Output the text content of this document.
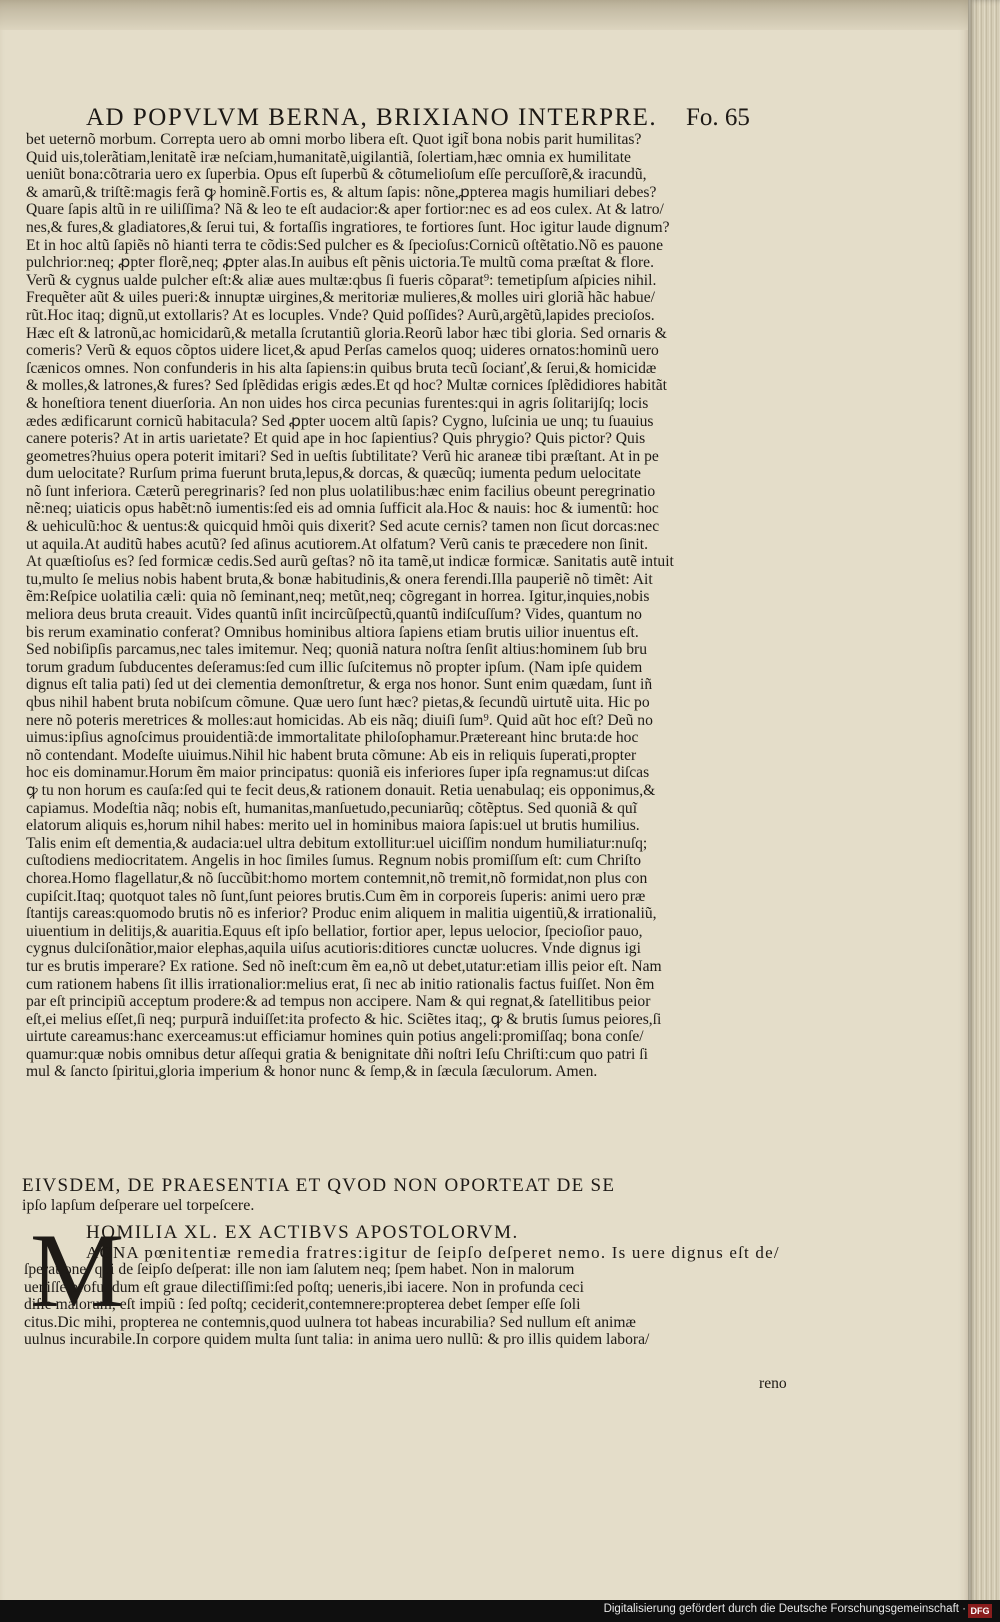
AD POPVLVM BERNA, BRIXIANO INTERPRE.	Fo. 65
bet ueternõ morbum. Correpta uero ab omni morbo libera eſt. Quot igit̃ bona nobis parit humilitas?
Quid uis,tolerãtiam,lenitatẽ iræ neſciam,humanitatẽ,uigilantiã, ſolertiam,hæc omnia ex humilitate
ueniũt bona:cõtraria uero ex ſuperbia. Opus eſt ſuperbũ & cõtumelioſum eſſe percuſſorẽ,& iracundũ,
& amarũ,& triſtẽ:magis ferã ꝙ hominẽ.Fortis es, & altum ſapis: nõne,ꝓpterea magis humiliari debes?
Quare ſapis altũ in re uiliſſima? Nã & leo te eſt audacior:& aper fortior:nec es ad eos culex. At & latro/
nes,& fures,& gladiatores,& ſerui tui, & fortaſſis ingratiores, te fortiores ſunt. Hoc igitur laude dignum?
Et in hoc altũ ſapiẽs nõ hianti terra te cõdis:Sed pulcher es & ſpecioſus:Cornicũ oſtẽtatio.Nõ es pauone
pulchrior:neq; ꝓpter florẽ,neq; ꝓpter alas.In auibus eſt pẽnis uictoria.Te multũ coma præſtat & flore.
Verũ & cygnus ualde pulcher eſt:& aliæ aues multæ:qbus ſi fueris cõparat⁹: temetipſum aſpicies nihil.
Frequẽter aũt & uiles pueri:& innuptæ uirgines,& meritoriæ mulieres,& molles uiri gloriã hãc habue/
rũt.Hoc itaq; dignũ,ut extollaris? At es locuples. Vnde? Quid poſſides? Aurũ,argẽtũ,lapides precioſos.
Hæc eſt & latronũ,ac homicidarũ,& metalla ſcrutantiũ gloria.Reorũ labor hæc tibi gloria. Sed ornaris &
comeris? Verũ & equos cõptos uidere licet,& apud Perſas camelos quoq; uideres ornatos:hominũ uero
ſcænicos omnes. Non confunderis in his alta ſapiens:in quibus bruta tecũ ſocianť,& ſerui,& homicidæ
& molles,& latrones,& fures? Sed ſplẽdidas erigis ædes.Et qd hoc? Multæ cornices ſplẽdidiores habitãt
& honeſtiora tenent diuerſoria. An non uides hos circa pecunias furentes:qui in agris ſolitarijſq; locis
ædes ædificarunt cornicũ habitacula? Sed ꝓpter uocem altũ ſapis? Cygno, luſcinia ue unq; tu ſuauius
canere poteris? At in artis uarietate? Et quid ape in hoc ſapientius? Quis phrygio? Quis pictor? Quis
geometres?huius opera poterit imitari? Sed in ueſtis ſubtilitate? Verũ hic araneæ tibi præſtant. At in pe
dum uelocitate? Rurſum prima fuerunt bruta,lepus,& dorcas, & quæcũq; iumenta pedum uelocitate
nõ ſunt inferiora. Cæterũ peregrinaris? ſed non plus uolatilibus:hæc enim facilius obeunt peregrinatio
nẽ:neq; uiaticis opus habẽt:nõ iumentis:ſed eis ad omnia ſufficit ala.Hoc & nauis: hoc & iumentũ: hoc
& uehiculũ:hoc & uentus:& quicquid hmõi quis dixerit? Sed acute cernis? tamen non ſicut dorcas:nec
ut aquila.At auditũ habes acutũ? ſed aſinus acutiorem.At olfatum? Verũ canis te præcedere non ſinit.
At quæſtioſus es? ſed formicæ cedis.Sed aurũ geſtas? nõ ita tamẽ,ut indicæ formicæ. Sanitatis autẽ intuit
tu,multo ſe melius nobis habent bruta,& bonæ habitudinis,& onera ferendi.Illa pauperiẽ nõ timẽt: Ait
ẽm:Reſpice uolatilia cæli: quia nõ ſeminant,neq; metũt,neq; cõgregant in horrea. Igitur,inquies,nobis
meliora deus bruta creauit. Vides quantũ inſit incircũſpectũ,quantũ indiſcuſſum? Vides, quantum no
bis rerum examinatio conferat? Omnibus hominibus altiora ſapiens etiam brutis uilior inuentus eſt.
Sed nobiſipſis parcamus,nec tales imitemur. Neq; quoniã natura noſtra ſenſit altius:hominem ſub bru
torum gradum ſubducentes deſeramus:ſed cum illic ſuſcitemus nõ propter ipſum. (Nam ipſe quidem
dignus eſt talia pati) ſed ut dei clementia demonſtretur, & erga nos honor. Sunt enim quædam, ſunt iñ
qbus nihil habent bruta nobiſcum cõmune. Quæ uero ſunt hæc? pietas,& ſecundũ uirtutẽ uita. Hic po
nere nõ poteris meretrices & molles:aut homicidas. Ab eis nãq; diuiſi ſum⁹. Quid aũt hoc eſt? Deũ no
uimus:ipſius agnoſcimus prouidentiã:de immortalitate philoſophamur.Prætereant hinc bruta:de hoc
nõ contendant. Modeſte uiuimus.Nihil hic habent bruta cõmune: Ab eis in reliquis ſuperati,propter
hoc eis dominamur.Horum ẽm maior principatus: quoniã eis inferiores ſuper ipſa regnamus:ut diſcas
ꝙ tu non horum es cauſa:ſed qui te fecit deus,& rationem donauit. Retia uenabulaq; eis opponimus,&
capiamus. Modeſtia nãq; nobis eſt, humanitas,manſuetudo,pecuniarũq; cõtẽptus. Sed quoniã & quĩ
elatorum aliquis es,horum nihil habes: merito uel in hominibus maiora ſapis:uel ut brutis humilius.
Talis enim eſt dementia,& audacia:uel ultra debitum extollitur:uel uiciſſim nondum humiliatur:nuſq;
cuſtodiens mediocritatem. Angelis in hoc ſimiles ſumus. Regnum nobis promiſſum eſt: cum Chriſto
chorea.Homo flagellatur,& nõ ſuccũbit:homo mortem contemnit,nõ tremit,nõ formidat,non plus con
cupiſcit.Itaq; quotquot tales nõ ſunt,ſunt peiores brutis.Cum ẽm in corporeis ſuperis: animi uero præ
ſtantijs careas:quomodo brutis nõ es inferior? Produc enim aliquem in malitia uigentiũ,& irrationaliũ,
uiuentium in delitijs,& auaritia.Equus eſt ipſo bellatior, fortior aper, lepus uelocior, ſpecioſior pauo,
cygnus dulciſonãtior,maior elephas,aquila uiſus acutioris:ditiores cunctæ uolucres. Vnde dignus igi
tur es brutis imperare? Ex ratione. Sed nõ ineſt:cum ẽm ea,nõ ut debet,utatur:etiam illis peior eſt. Nam
cum rationem habens ſit illis irrationalior:melius erat, ſi nec ab initio rationalis factus fuiſſet. Non ẽm
par eſt principiũ acceptum prodere:& ad tempus non accipere. Nam & qui regnat,& ſatellitibus peior
eſt,ei melius eſſet,ſi neq; purpurã induiſſet:ita profecto & hic. Sciẽtes itaq;, ꝙ & brutis ſumus peiores,ſi
uirtute careamus:hanc exerceamus:ut efficiamur homines quin potius angeli:promiſſaq; bona conſe/
quamur:quæ nobis omnibus detur aſſequi gratia & benignitate dñi noſtri Ieſu Chriſti:cum quo patri ſi
mul & ſancto ſpiritui,gloria imperium & honor nunc & ſemp,& in ſæcula ſæculorum. Amen.
EIVSDEM, DE PRAESENTIA ET QVOD NON OPORTEAT DE SE
ipſo lapſum deſperare uel torpeſcere.
M
HOMILIA XL. EX ACTIBVS APOSTOLORVM.
AGNA pœnitentiæ remedia fratres:igitur de ſeipſo deſperet nemo. Is uere dignus eſt de/
ſperatione: qui de ſeipſo deſperat: ille non iam ſalutem neq; ſpem habet. Non in malorum
ueniſſe profundum eſt graue dilectiſſimi:ſed poſtq; ueneris,ibi iacere. Non in profunda ceci
diſſe malorum, eſt impiũ : ſed poſtq; ceciderit,contemnere:propterea debet ſemper eſſe ſoli
citus.Dic mihi, propterea ne contemnis,quod uulnera tot habeas incurabilia? Sed nullum eſt animæ
uulnus incurabile.In corpore quidem multa ſunt talia: in anima uero nullũ: & pro illis quidem labora/
reno
Digitalisierung gefördert durch die Deutsche Forschungsgemeinschaft · DFG
